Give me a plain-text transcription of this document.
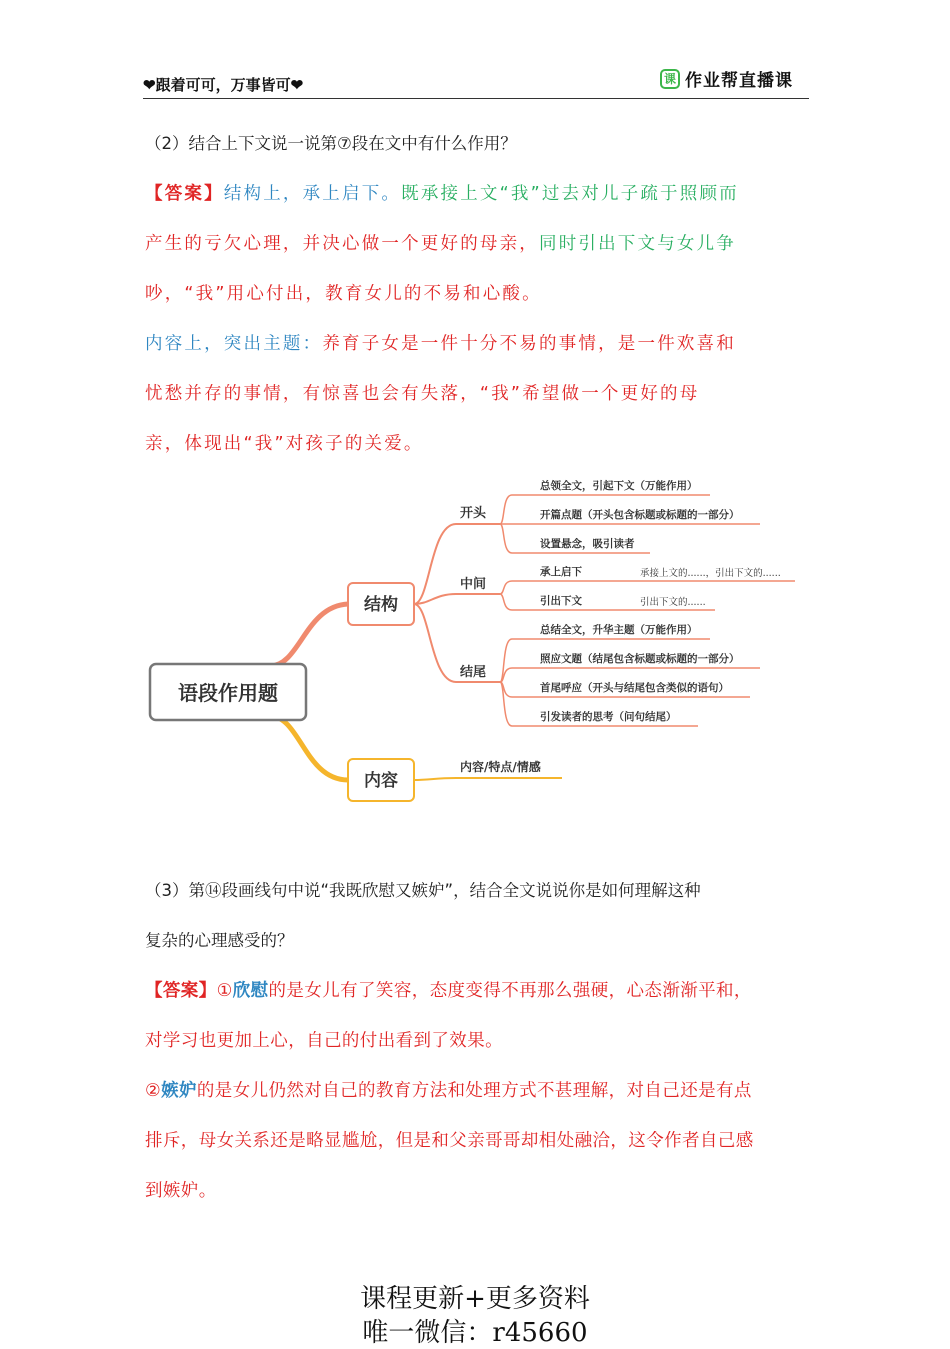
❤跟着可可，万事皆可❤	课 作业帮直播课
（2）结合上下文说一说第⑦段在文中有什么作用？
【答案】结构上，承上启下。既承接上文“我”过去对儿子疏于照顾而
产生的亏欠心理，并决心做一个更好的母亲，同时引出下文与女儿争
吵，“我”用心付出，教育女儿的不易和心酸。
内容上，突出主题：养育子女是一件十分不易的事情，是一件欢喜和
忧愁并存的事情，有惊喜也会有失落，“我”希望做一个更好的母
亲，体现出“我”对孩子的关爱。
语段作用题
结构
内容
开头
中间
结尾
总领全文，引起下文（万能作用）
开篇点题（开头包含标题或标题的一部分）
设置悬念，吸引读者
承上启下	承接上文的......，引出下文的......
引出下文	引出下文的......
总结全文，升华主题（万能作用）
照应文题（结尾包含标题或标题的一部分）
首尾呼应（开头与结尾包含类似的语句）
引发读者的思考（问句结尾）
内容/特点/情感
（3）第⑭段画线句中说“我既欣慰又嫉妒”，结合全文说说你是如何理解这种
复杂的心理感受的？
【答案】①欣慰的是女儿有了笑容，态度变得不再那么强硬，心态渐渐平和，
对学习也更加上心，自己的付出看到了效果。
②嫉妒的是女儿仍然对自己的教育方法和处理方式不甚理解，对自己还是有点
排斥，母女关系还是略显尴尬，但是和父亲哥哥却相处融洽，这令作者自己感
到嫉妒。
课程更新+更多资料
唯一微信：r45660
